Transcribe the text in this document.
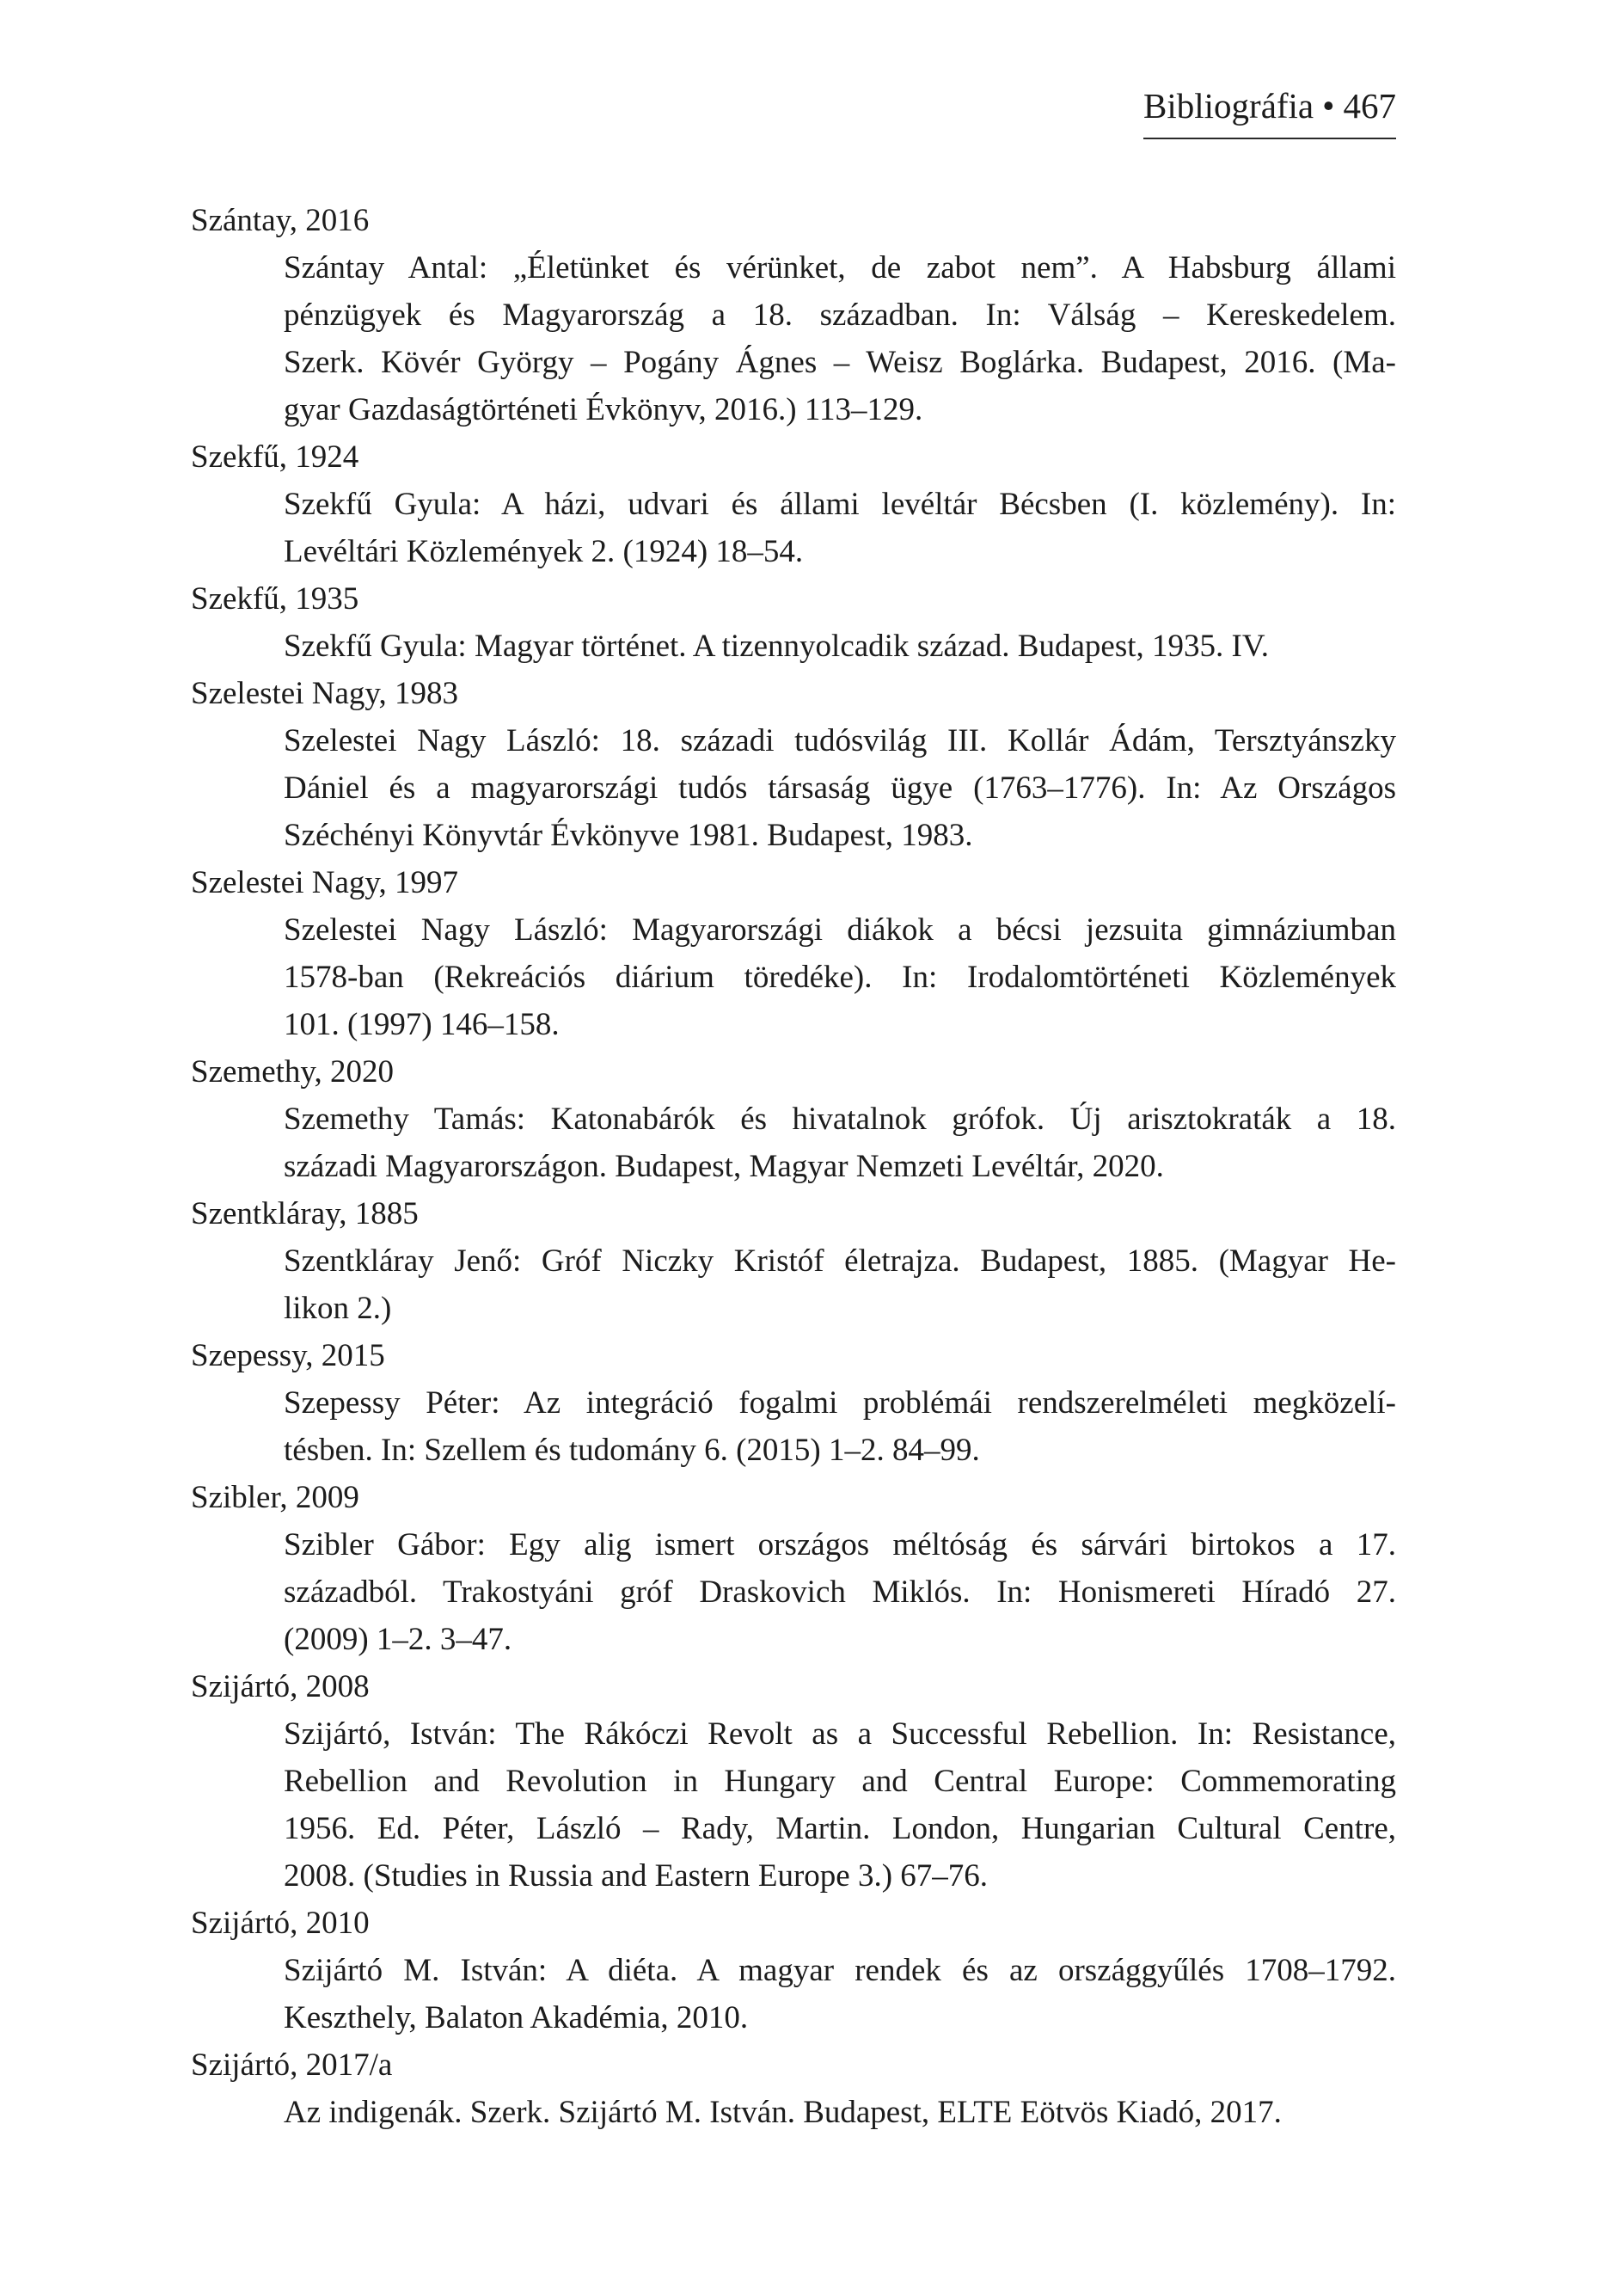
Bibliográfia • 467
Szántay, 2016
Szántay Antal: „Életünket és vérünket, de zabot nem”. A Habsburg állami
pénzügyek és Magyarország a 18. században. In: Válság – Kereskedelem.
Szerk. Kövér György – Pogány Ágnes – Weisz Boglárka. Budapest, 2016. (Ma-
gyar Gazdaságtörténeti Évkönyv, 2016.) 113–129.
Szekfű, 1924
Szekfű Gyula: A házi, udvari és állami levéltár Bécsben (I. közlemény). In:
Levéltári Közlemények 2. (1924) 18–54.
Szekfű, 1935
Szekfű Gyula: Magyar történet. A tizennyolcadik század. Budapest, 1935. IV.
Szelestei Nagy, 1983
Szelestei Nagy László: 18. századi tudósvilág III. Kollár Ádám, Tersztyánszky
Dániel és a magyarországi tudós társaság ügye (1763–1776). In: Az Országos
Széchényi Könyvtár Évkönyve 1981. Budapest, 1983.
Szelestei Nagy, 1997
Szelestei Nagy László: Magyarországi diákok a bécsi jezsuita gimnáziumban
1578-ban (Rekreációs diárium töredéke). In: Irodalomtörténeti Közlemények
101. (1997) 146–158.
Szemethy, 2020
Szemethy Tamás: Katonabárók és hivatalnok grófok. Új arisztokraták a 18.
századi Magyarországon. Budapest, Magyar Nemzeti Levéltár, 2020.
Szentkláray, 1885
Szentkláray Jenő: Gróf Niczky Kristóf életrajza. Budapest, 1885. (Magyar He-
likon 2.)
Szepessy, 2015
Szepessy Péter: Az integráció fogalmi problémái rendszerelméleti megközelí-
tésben. In: Szellem és tudomány 6. (2015) 1–2. 84–99.
Szibler, 2009
Szibler Gábor: Egy alig ismert országos méltóság és sárvári birtokos a 17.
századból. Trakostyáni gróf Draskovich Miklós. In: Honismereti Híradó 27.
(2009) 1–2. 3–47.
Szijártó, 2008
Szijártó, István: The Rákóczi Revolt as a Successful Rebellion. In: Resistance,
Rebellion and Revolution in Hungary and Central Europe: Commemorating
1956. Ed. Péter, László – Rady, Martin. London, Hungarian Cultural Centre,
2008. (Studies in Russia and Eastern Europe 3.) 67–76.
Szijártó, 2010
Szijártó M. István: A diéta. A magyar rendek és az országgyűlés 1708–1792.
Keszthely, Balaton Akadémia, 2010.
Szijártó, 2017/a
Az indigenák. Szerk. Szijártó M. István. Budapest, ELTE Eötvös Kiadó, 2017.
